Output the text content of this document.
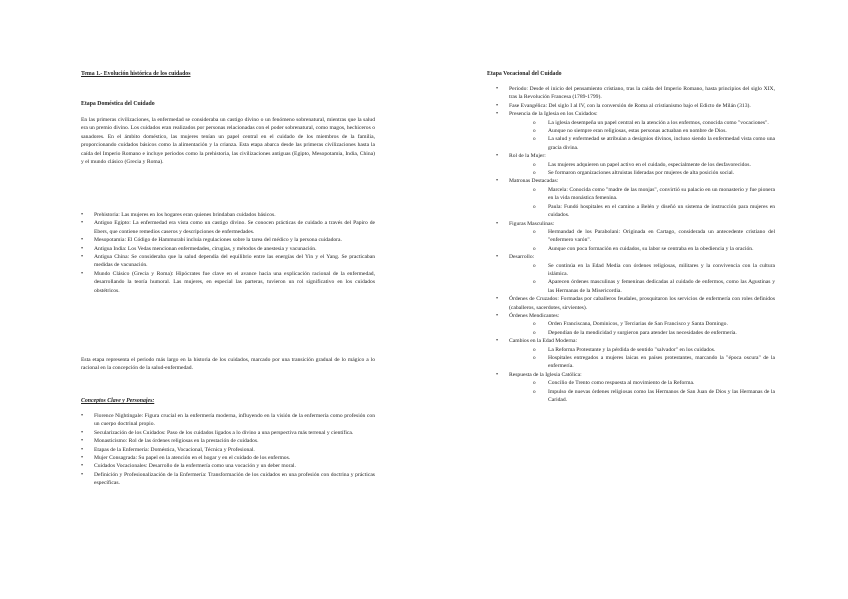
Tema 1.- Evolución histórica de los cuidados
Etapa Doméstica del Cuidado

En las primeras civilizaciones, la enfermedad se consideraba un castigo divino o un fenómeno sobrenatural, mientras que la salud era un premio divino. Los cuidados eran realizados por personas relacionadas con el poder sobrenatural, como magos, hechiceros o sanadores. En el ámbito doméstico, las mujeres tenían un papel central en el cuidado de los miembros de la familia, proporcionando cuidados básicos como la alimentación y la crianza. Esta etapa abarca desde las primeras civilizaciones hasta la caída del Imperio Romano e incluye periodos como la prehistoria, las civilizaciones antiguas (Egipto, Mesopotamia, India, China) y el mundo clásico (Grecia y Roma).

• Prehistoria: Las mujeres en los hogares eran quienes brindaban cuidados básicos.
• Antiguo Egipto: La enfermedad era vista como un castigo divino. Se conocen prácticas de cuidado a través del Papiro de Ebers, que contiene remedios caseros y descripciones de enfermedades.
• Mesopotamia: El Código de Hammurabi incluía regulaciones sobre la tarea del médico y la persona cuidadora.
• Antigua India: Los Vedas mencionan enfermedades, cirugías, y métodos de anestesia y vacunación.
• Antigua China: Se consideraba que la salud dependía del equilibrio entre las energías del Yin y el Yang. Se practicaban medidas de vacunación.
• Mundo Clásico (Grecia y Roma): Hipócrates fue clave en el avance hacia una explicación racional de la enfermedad, desarrollando la teoría humoral. Las mujeres, en especial las parteras, tuvieron un rol significativo en los cuidados obstétricos.

Esta etapa representa el periodo más largo en la historia de los cuidados, marcado por una transición gradual de lo mágico a lo racional en la concepción de la salud-enfermedad.

Conceptos Clave y Personajes:
• Florence Nightingale: Figura crucial en la enfermería moderna, influyendo en la visión de la enfermería como profesión con un cuerpo doctrinal propio.
• Secularización de los Cuidados: Paso de los cuidados ligados a lo divino a una perspectiva más terrenal y científica.
• Monasticismo: Rol de las órdenes religiosas en la prestación de cuidados.
• Etapas de la Enfermería: Doméstica, Vocacional, Técnica y Profesional.
• Mujer Consagrada: Su papel en la atención en el hogar y en el cuidado de los enfermos.
• Cuidados Vocacionales: Desarrollo de la enfermería como una vocación y un deber moral.
• Definición y Profesionalización de la Enfermería: Transformación de los cuidados en una profesión con doctrina y prácticas específicas.
Etapa Vocacional del Cuidado
• Periodo: Desde el inicio del pensamiento cristiano, tras la caída del Imperio Romano, hasta principios del siglo XIX, tras la Revolución Francesa (1789-1799).
• Fase Evangélica: Del siglo I al IV, con la conversión de Roma al cristianismo bajo el Edicto de Milán (313).
• Presencia de la Iglesia en los Cuidados:
o La iglesia desempeña un papel central en la atención a los enfermos, conocida como "vocaciones".
o Aunque no siempre eran religiosas, estas personas actuaban en nombre de Dios.
o La salud y enfermedad se atribuían a designios divinos, incluso siendo la enfermedad vista como una gracia divina.
• Rol de la Mujer:
o Las mujeres adquieren un papel activo en el cuidado, especialmente de los desfavorecidos.
o Se formaron organizaciones altruistas lideradas por mujeres de alta posición social.
• Matronas Destacadas:
o Marcela: Conocida como "madre de las monjas", convirtió su palacio en un monasterio y fue pionera en la vida monástica femenina.
o Paula: Fundó hospitales en el camino a Belén y diseñó un sistema de instrucción para mujeres en cuidados.
• Figuras Masculinas:
o Hermandad de los Parabolani: Originada en Cartago, considerada un antecedente cristiano del "enfermero varón".
o Aunque con poca formación en cuidados, su labor se centraba en la obediencia y la oración.
• Desarrollo:
o Se continúa en la Edad Media con órdenes religiosas, militares y la convivencia con la cultura islámica.
o Aparecen órdenes masculinas y femeninas dedicadas al cuidado de enfermos, como las Agustinas y las Hermanas de la Misericordia.
• Órdenes de Cruzados: Formadas por caballeros feudales, prosquitaron los servicios de enfermería con roles definidos (caballeros, sacerdotes, sirvientes).
• Órdenes Mendicantes:
o Orden Franciscana, Dominicos, y Terciarias de San Francisco y Santa Domingo.
o Dependían de la mendicidad y surgieron para atender las necesidades de enfermería.
• Cambios en la Edad Moderna:
o La Reforma Protestante y la pérdida de sentido "salvador" en los cuidados.
o Hospitales entregados a mujeres laicas en países protestantes, marcando la "época oscura" de la enfermería.
• Respuesta de la Iglesia Católica:
o Concilio de Trento como respuesta al movimiento de la Reforma.
o Impulso de nuevas órdenes religiosas como las Hermanos de San Juan de Dios y las Hermanas de la Caridad.
